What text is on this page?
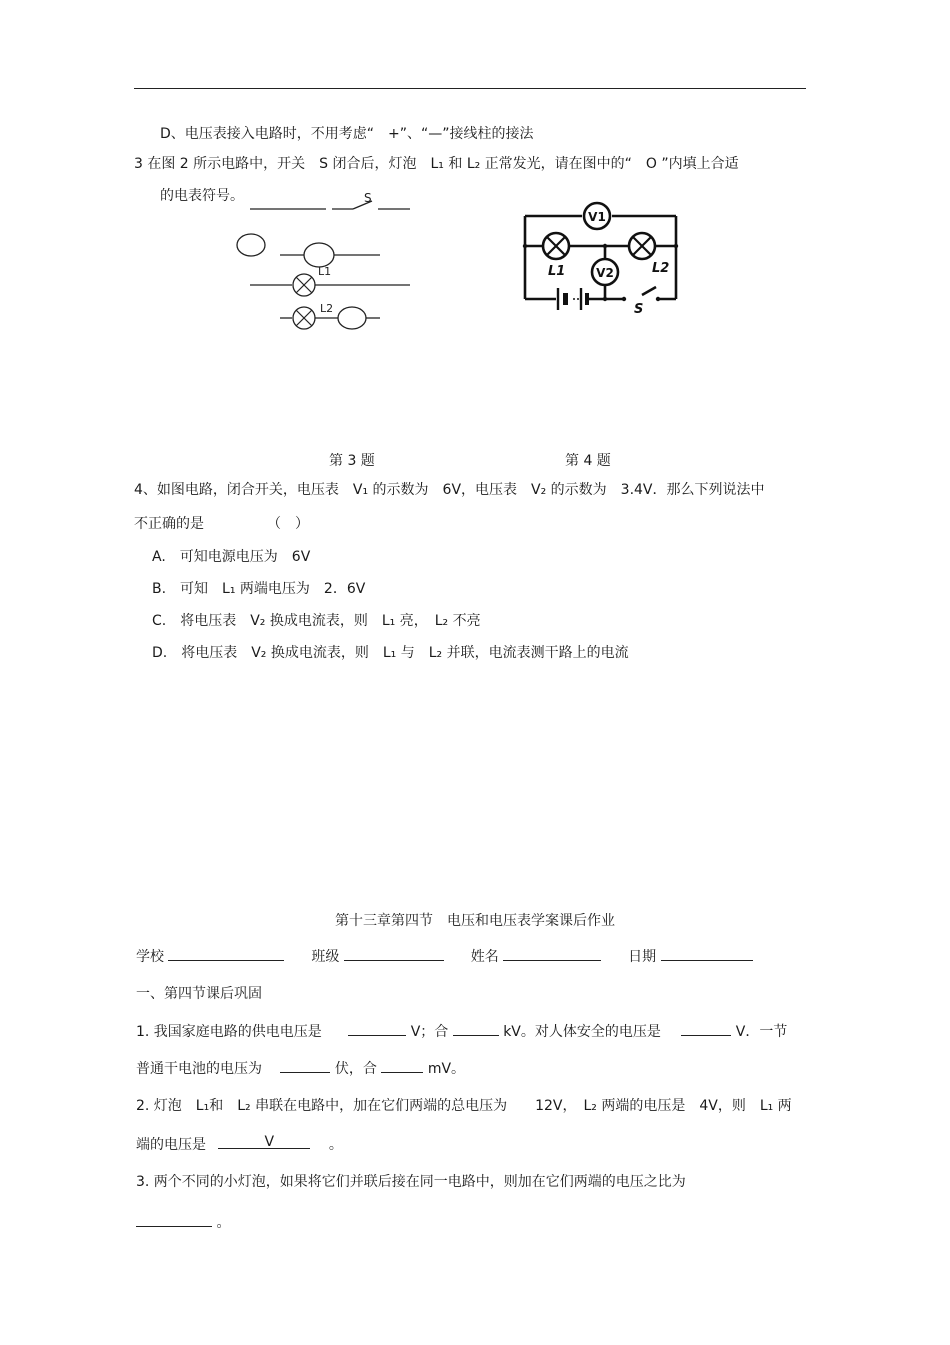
D、电压表接入电路时，不用考虑“　+”、“—”接线柱的接法
3 在图 2 所示电路中，开关　S 闭合后，灯泡　L₁ 和 L₂ 正常发光，请在图中的“　O ”内填上合适
的电表符号。	S
L1
L2
V1
V2
L1	L2
S
第 3 题	第 4 题
4、如图电路，闭合开关，电压表　V₁ 的示数为　6V，电压表　V₂ 的示数为　3.4V．那么下列说法中
不正确的是　　　　　（　）
A.　可知电源电压为　6V
B.　可知　L₁ 两端电压为　2．6V
C.　将电压表　V₂ 换成电流表，则　L₁ 亮，　L₂ 不亮
D.　将电压表　V₂ 换成电流表，则　L₁ 与　L₂ 并联，电流表测干路上的电流
第十三章第四节　电压和电压表学案课后作业
学校	班级	姓名	日期
一、第四节课后巩固
1. 我国家庭电路的供电电压是	V；合	kV。对人体安全的电压是	V．一节
普通干电池的电压为	伏，合	mV。
2. 灯泡　L₁和　L₂ 串联在电路中，加在它们两端的总电压为　　12V，　L₂ 两端的电压是　4V，则　L₁ 两
端的电压是	V	。
3. 两个不同的小灯泡，如果将它们并联后接在同一电路中，则加在它们两端的电压之比为
。
